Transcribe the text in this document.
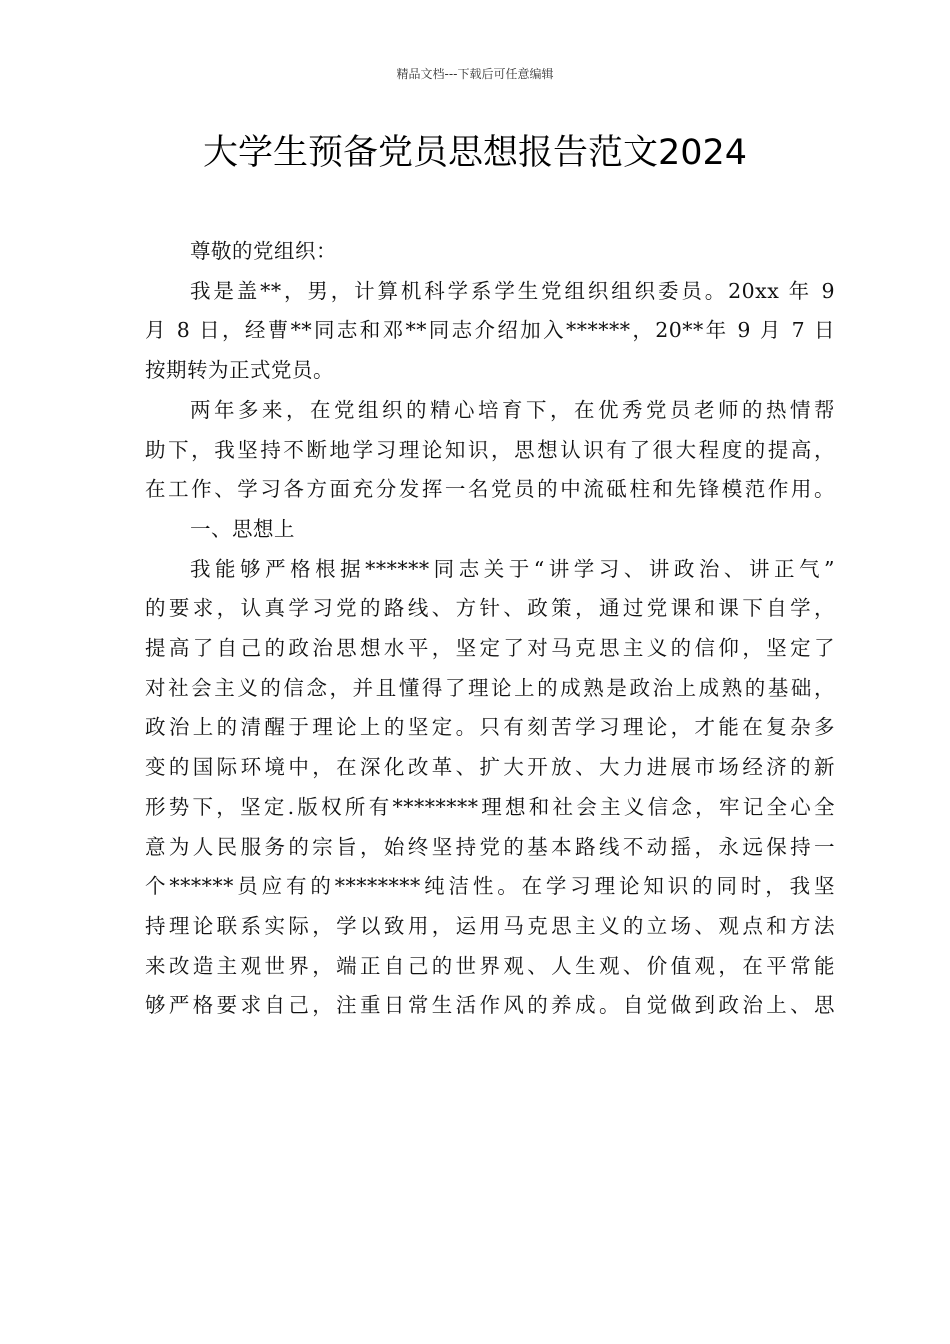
精品文档---下载后可任意编辑
大学生预备党员思想报告范文2024
尊敬的党组织：
我是盖**，男，计算机科学系学生党组织组织委员。20xx 年 9
月 8 日，经曹**同志和邓**同志介绍加入******，20**年 9 月 7 日
按期转为正式党员。
两年多来，在党组织的精心培育下，在优秀党员老师的热情帮
助下，我坚持不断地学习理论知识，思想认识有了很大程度的提高，
在工作、学习各方面充分发挥一名党员的中流砥柱和先锋模范作用。
一、思想上
我能够严格根据******同志关于“讲学习、讲政治、讲正气”
的要求，认真学习党的路线、方针、政策，通过党课和课下自学，
提高了自己的政治思想水平，坚定了对马克思主义的信仰，坚定了
对社会主义的信念，并且懂得了理论上的成熟是政治上成熟的基础，
政治上的清醒于理论上的坚定。只有刻苦学习理论，才能在复杂多
变的国际环境中，在深化改革、扩大开放、大力进展市场经济的新
形势下，坚定.版权所有********理想和社会主义信念，牢记全心全
意为人民服务的宗旨，始终坚持党的基本路线不动摇，永远保持一
个******员应有的********纯洁性。在学习理论知识的同时，我坚
持理论联系实际，学以致用，运用马克思主义的立场、观点和方法
来改造主观世界，端正自己的世界观、人生观、价值观，在平常能
够严格要求自己，注重日常生活作风的养成。自觉做到政治上、思
